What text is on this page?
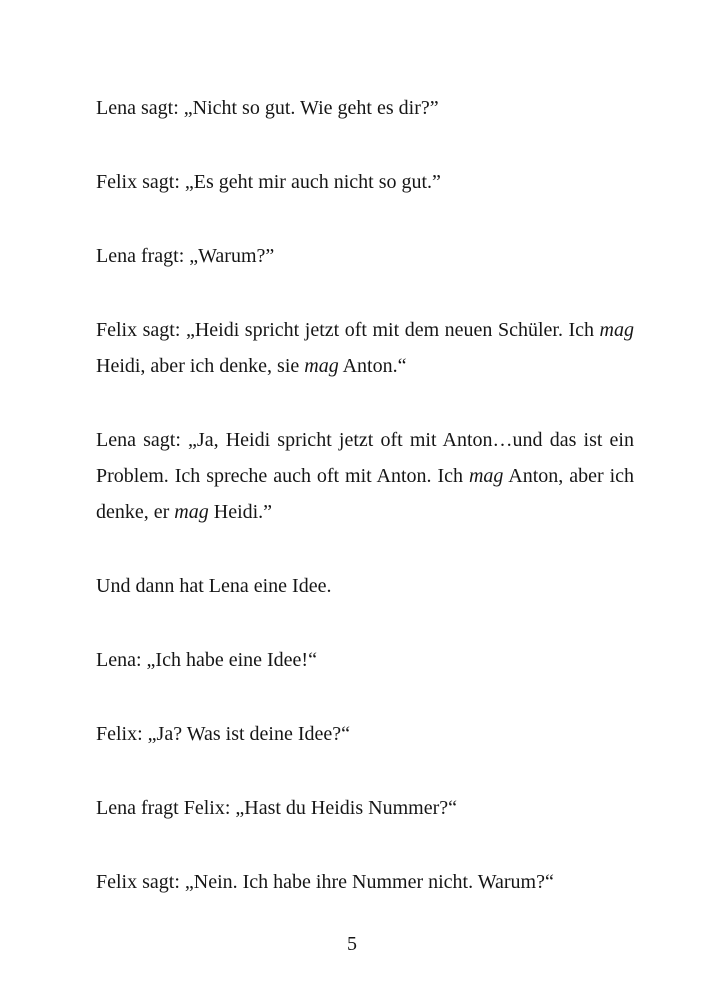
Lena sagt: „Nicht so gut. Wie geht es dir?”

Felix sagt: „Es geht mir auch nicht so gut.”

Lena fragt: „Warum?”

Felix sagt: „Heidi spricht jetzt oft mit dem neuen Schüler. Ich mag Heidi, aber ich denke, sie mag Anton.“

Lena sagt: „Ja, Heidi spricht jetzt oft mit Anton…und das ist ein Problem. Ich spreche auch oft mit Anton. Ich mag Anton, aber ich denke, er mag Heidi.”

Und dann hat Lena eine Idee.

Lena: „Ich habe eine Idee!“

Felix: „Ja? Was ist deine Idee?“

Lena fragt Felix: „Hast du Heidis Nummer?“

Felix sagt: „Nein. Ich habe ihre Nummer nicht. Warum?“

5
